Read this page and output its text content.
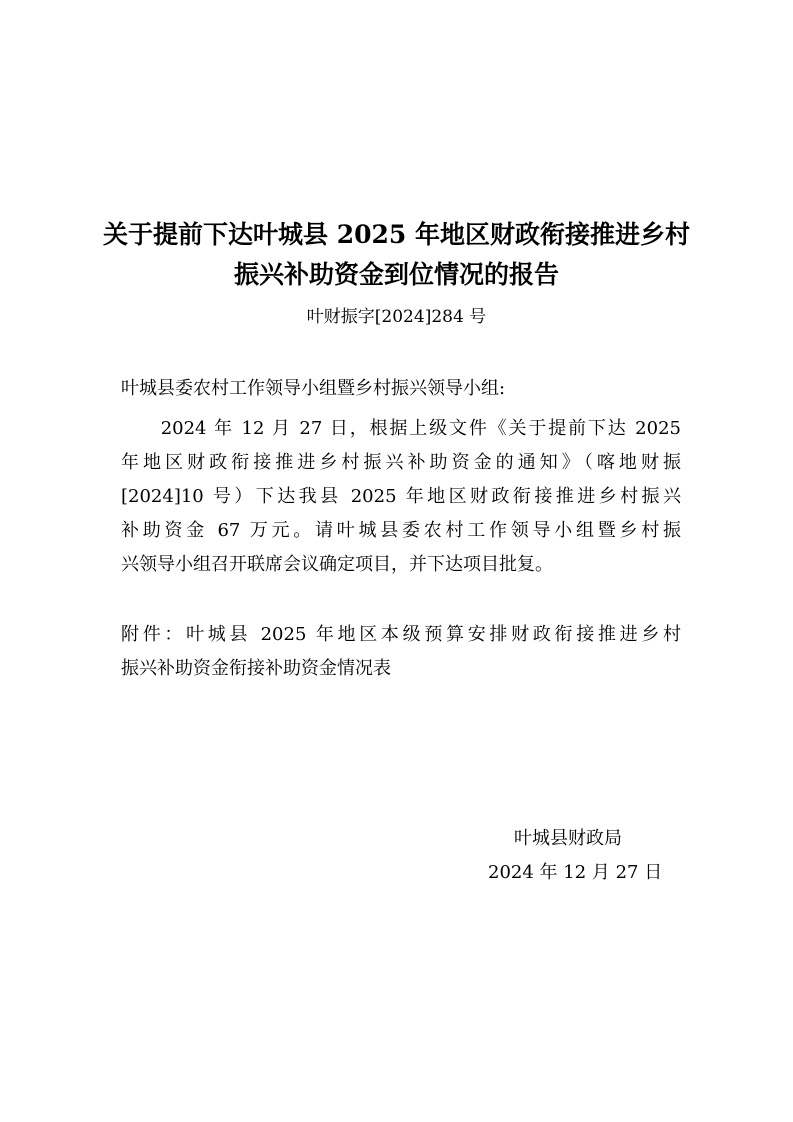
关于提前下达叶城县 2025 年地区财政衔接推进乡村
振兴补助资金到位情况的报告
叶财振字[2024]284 号
叶城县委农村工作领导小组暨乡村振兴领导小组:
　　2024 年 12 月 27 日，根据上级文件《关于提前下达 2025
年地区财政衔接推进乡村振兴补助资金的通知》（喀地财振
[2024]10 号）下达我县 2025 年地区财政衔接推进乡村振兴
补助资金 67 万元。请叶城县委农村工作领导小组暨乡村振
兴领导小组召开联席会议确定项目，并下达项目批复。
附件：叶城县 2025 年地区本级预算安排财政衔接推进乡村
振兴补助资金衔接补助资金情况表
叶城县财政局
2024 年 12 月 27 日
